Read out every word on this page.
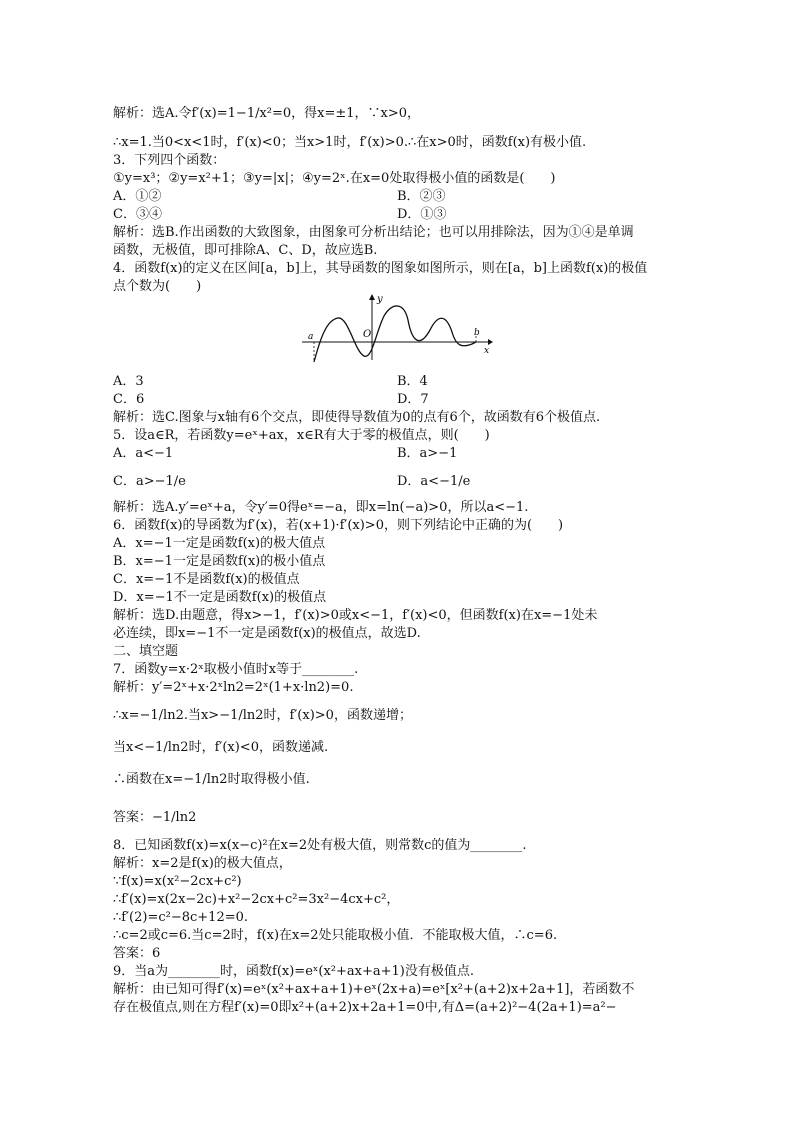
解析：选A.令f′(x)=1−1/x²=0，得x=±1，∵x>0，
∴x=1.当0<x<1时，f′(x)<0；当x>1时，f′(x)>0.∴在x>0时，函数f(x)有极小值.
3．下列四个函数：
①y=x³；②y=x²+1；③y=|x|；④y=2ˣ.在x=0处取得极小值的函数是(　　)
A．①②	B．②③
C．③④	D．①③
解析：选B.作出函数的大致图象，由图象可分析出结论；也可以用排除法，因为①④是单调
函数，无极值，即可排除A、C、D，故应选B.
4．函数f(x)的定义在区间[a，b]上，其导函数的图象如图所示，则在[a，b]上函数f(x)的极值
点个数为(　　)
y
O
a	b
x
A．3	B．4
C．6	D．7
解析：选C.图象与x轴有6个交点，即使得导数值为0的点有6个，故函数有6个极值点.
5．设a∈R，若函数y=eˣ+ax，x∈R有大于零的极值点，则(　　)
A．a<−1	B．a>−1
C．a>−1/e	D．a<−1/e
解析：选A.y′=eˣ+a，令y′=0得eˣ=−a，即x=ln(−a)>0，所以a<−1.
6．函数f(x)的导函数为f′(x)，若(x+1)·f′(x)>0，则下列结论中正确的为(　　)
A．x=−1一定是函数f(x)的极大值点
B．x=−1一定是函数f(x)的极小值点
C．x=−1不是函数f(x)的极值点
D．x=−1不一定是函数f(x)的极值点
解析：选D.由题意，得x>−1，f′(x)>0或x<−1，f′(x)<0，但函数f(x)在x=−1处未
必连续，即x=−1不一定是函数f(x)的极值点，故选D.
二、填空题
7．函数y=x·2ˣ取极小值时x等于________.
解析：y′=2ˣ+x·2ˣln2=2ˣ(1+x·ln2)=0.
∴x=−1/ln2.当x>−1/ln2时，f′(x)>0，函数递增；
当x<−1/ln2时，f′(x)<0，函数递减.
∴函数在x=−1/ln2时取得极小值.
答案：−1/ln2
8．已知函数f(x)=x(x−c)²在x=2处有极大值，则常数c的值为________.
解析：x=2是f(x)的极大值点，
∵f(x)=x(x²−2cx+c²)
∴f′(x)=x(2x−2c)+x²−2cx+c²=3x²−4cx+c²，
∴f′(2)=c²−8c+12=0.
∴c=2或c=6.当c=2时，f(x)在x=2处只能取极小值．不能取极大值，∴c=6.
答案：6
9．当a为________时，函数f(x)=eˣ(x²+ax+a+1)没有极值点.
解析：由已知可得f′(x)=eˣ(x²+ax+a+1)+eˣ(2x+a)=eˣ[x²+(a+2)x+2a+1]，若函数不
存在极值点,则在方程f′(x)=0即x²+(a+2)x+2a+1=0中,有Δ=(a+2)²−4(2a+1)=a²−
